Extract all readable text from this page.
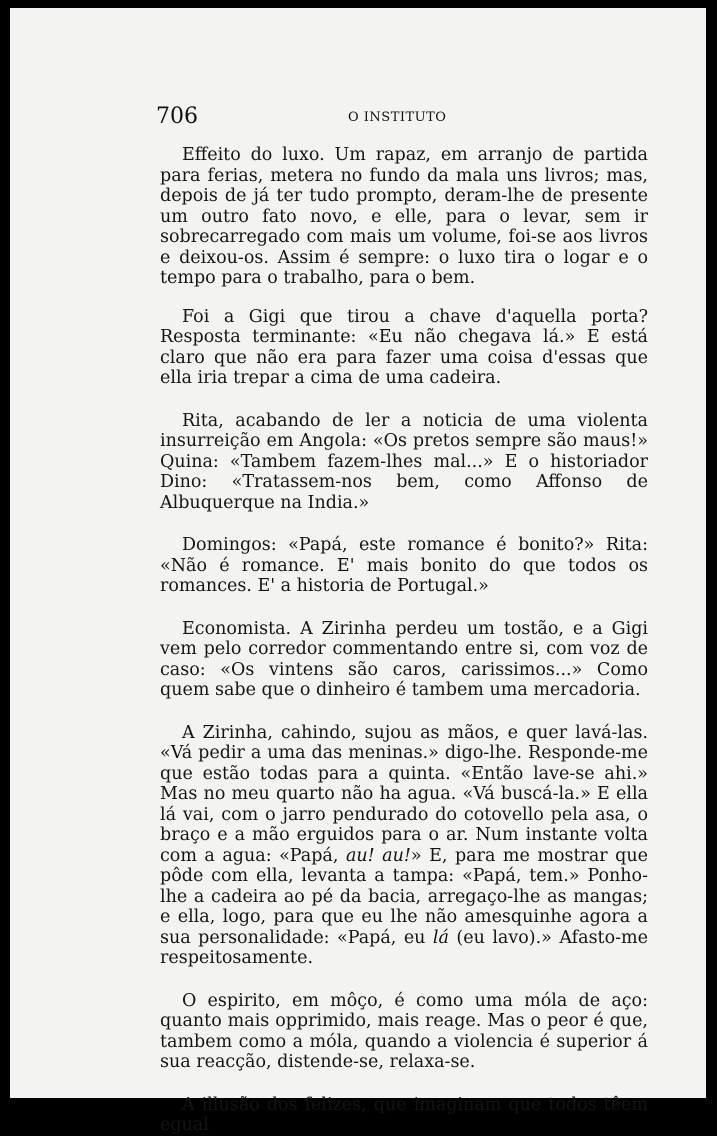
706	O INSTITUTO

Effeito do luxo. Um rapaz, em arranjo de partida para ferias, metera no fundo da mala uns livros; mas, depois de já ter tudo prompto, deram-lhe de presente um outro fato novo, e elle, para o levar, sem ir sobrecarregado com mais um volume, foi-se aos livros e deixou-os. Assim é sempre: o luxo tira o logar e o tempo para o trabalho, para o bem.

Foi a Gigi que tirou a chave d'aquella porta? Resposta terminante: «Eu não chegava lá.» E está claro que não era para fazer uma coisa d'essas que ella iria trepar a cima de uma cadeira.

Rita, acabando de ler a noticia de uma violenta insurreição em Angola: «Os pretos sempre são maus!» Quina: «Tambem fazem-lhes mal...» E o historiador Dino: «Tratassem-nos bem, como Affonso de Albuquerque na India.»

Domingos: «Papá, este romance é bonito?» Rita: «Não é romance. E' mais bonito do que todos os romances. E' a historia de Portugal.»

Economista. A Zirinha perdeu um tostão, e a Gigi vem pelo corredor commentando entre si, com voz de caso: «Os vintens são caros, carissimos...» Como quem sabe que o dinheiro é tambem uma mercadoria.

A Zirinha, cahindo, sujou as mãos, e quer lavá-las. «Vá pedir a uma das meninas.» digo-lhe. Responde-me que estão todas para a quinta. «Então lave-se ahi.» Mas no meu quarto não ha agua. «Vá buscá-la.» E ella lá vai, com o jarro pendurado do cotovello pela asa, o braço e a mão erguidos para o ar. Num instante volta com a agua: «Papá, au! au!» E, para me mostrar que pôde com ella, levanta a tampa: «Papá, tem.» Ponho-lhe a cadeira ao pé da bacia, arregaço-lhe as mangas; e ella, logo, para que eu lhe não amesquinhe agora a sua personalidade: «Papá, eu lá (eu lavo).» Afasto-me respeitosamente.

O espirito, em môço, é como uma móla de aço: quanto mais opprimido, mais reage. Mas o peor é que, tambem como a móla, quando a violencia é superior á sua reacção, distende-se, relaxa-se.

A illusão dos felizes, que imaginam que todos têem egual
